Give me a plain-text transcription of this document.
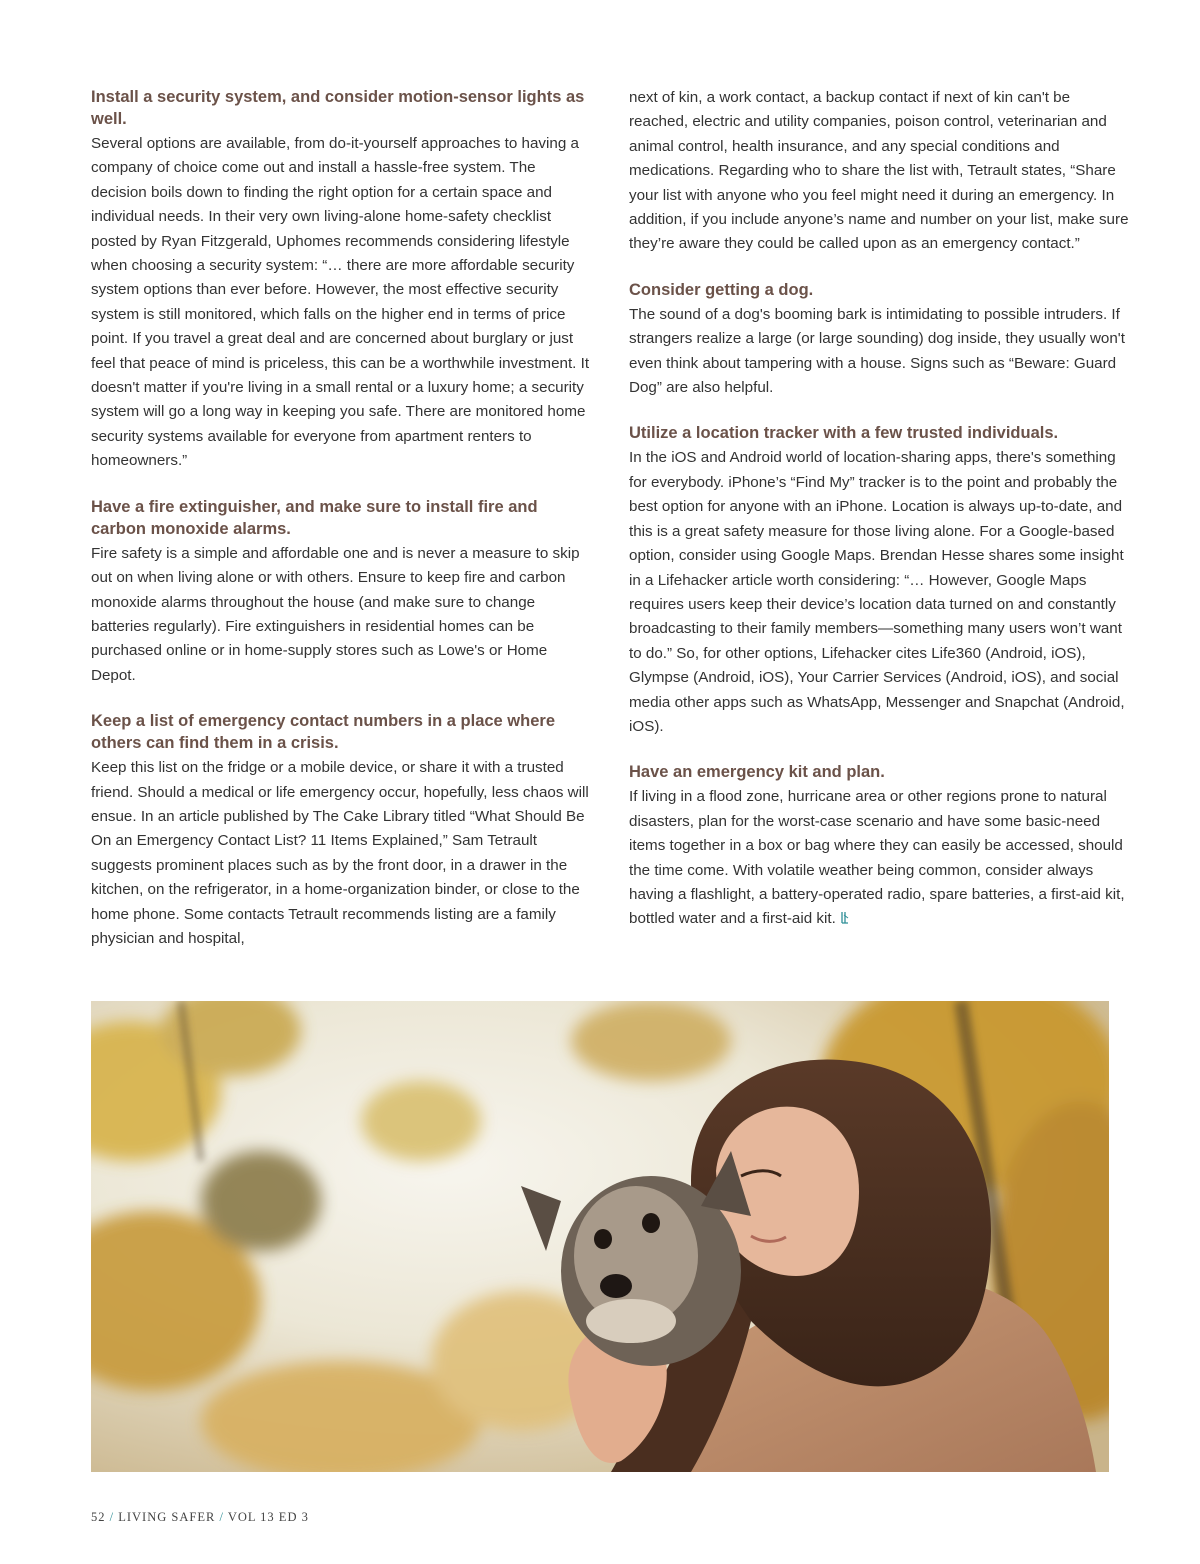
Install a security system, and consider motion-sensor lights as well.

Several options are available, from do-it-yourself approaches to having a company of choice come out and install a hassle-free system. The decision boils down to finding the right option for a certain space and individual needs. In their very own living-alone home-safety checklist posted by Ryan Fitzgerald, Uphomes recommends considering lifestyle when choosing a security system: “… there are more affordable security system options than ever before. However, the most effective security system is still monitored, which falls on the higher end in terms of price point. If you travel a great deal and are concerned about burglary or just feel that peace of mind is priceless, this can be a worthwhile investment. It doesn't matter if you're living in a small rental or a luxury home; a security system will go a long way in keeping you safe. There are monitored home security systems available for everyone from apartment renters to homeowners.”

Have a fire extinguisher, and make sure to install fire and carbon monoxide alarms.

Fire safety is a simple and affordable one and is never a measure to skip out on when living alone or with others. Ensure to keep fire and carbon monoxide alarms throughout the house (and make sure to change batteries regularly). Fire extinguishers in residential homes can be purchased online or in home-supply stores such as Lowe's or Home Depot.

Keep a list of emergency contact numbers in a place where others can find them in a crisis.

Keep this list on the fridge or a mobile device, or share it with a trusted friend. Should a medical or life emergency occur, hopefully, less chaos will ensue. In an article published by The Cake Library titled “What Should Be On an Emergency Contact List? 11 Items Explained,” Sam Tetrault suggests prominent places such as by the front door, in a drawer in the kitchen, on the refrigerator, in a home-organization binder, or close to the home phone. Some contacts Tetrault recommends listing are a family physician and hospital,

next of kin, a work contact, a backup contact if next of kin can't be reached, electric and utility companies, poison control, veterinarian and animal control, health insurance, and any special conditions and medications. Regarding who to share the list with, Tetrault states, “Share your list with anyone who you feel might need it during an emergency. In addition, if you include anyone’s name and number on your list, make sure they’re aware they could be called upon as an emergency contact.”

Consider getting a dog.

The sound of a dog's booming bark is intimidating to possible intruders. If strangers realize a large (or large sounding) dog inside, they usually won't even think about tampering with a house. Signs such as “Beware: Guard Dog” are also helpful.

Utilize a location tracker with a few trusted individuals.

In the iOS and Android world of location-sharing apps, there's something for everybody. iPhone’s “Find My” tracker is to the point and probably the best option for anyone with an iPhone. Location is always up-to-date, and this is a great safety measure for those living alone. For a Google-based option, consider using Google Maps. Brendan Hesse shares some insight in a Lifehacker article worth considering: “… However, Google Maps requires users keep their device’s location data turned on and constantly broadcasting to their family members—something many users won’t want to do.” So, for other options, Lifehacker cites Life360 (Android, iOS), Glympse (Android, iOS), Your Carrier Services (Android, iOS), and social media other apps such as WhatsApp, Messenger and Snapchat (Android, iOS).

Have an emergency kit and plan.

If living in a flood zone, hurricane area or other regions prone to natural disasters, plan for the worst-case scenario and have some basic-need items together in a box or bag where they can easily be accessed, should the time come. With volatile weather being common, consider always having a flashlight, a battery-operated radio, spare batteries, a first-aid kit, bottled water and a first-aid kit.

52 / LIVING SAFER / VOL 13 ED 3
